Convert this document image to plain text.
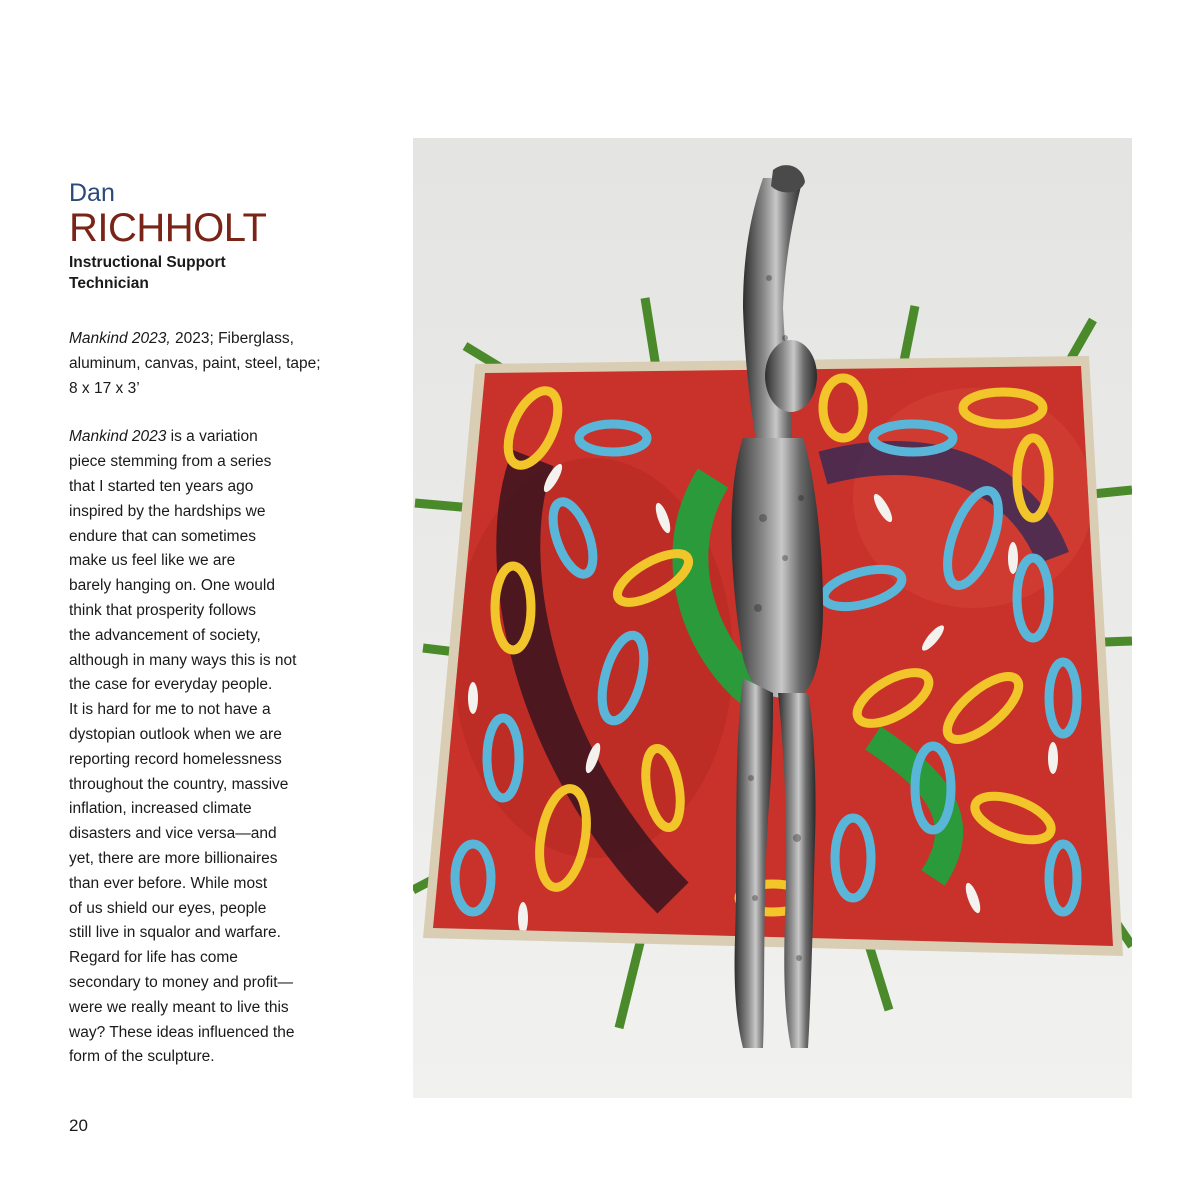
Dan
RICHHOLT

Instructional Support Technician

Mankind 2023, 2023; Fiberglass, aluminum, canvas, paint, steel, tape; 8 x 17 x 3’

Mankind 2023 is a variation
piece stemming from a series
that I started ten years ago
inspired by the hardships we
endure that can sometimes
make us feel like we are
barely hanging on. One would
think that prosperity follows
the advancement of society,
although in many ways this is not
the case for everyday people.
It is hard for me to not have a
dystopian outlook when we are
reporting record homelessness
throughout the country, massive
inflation, increased climate
disasters and vice versa—and
yet, there are more billionaires
than ever before. While most
of us shield our eyes, people
still live in squalor and warfare.
Regard for life has come
secondary to money and profit—
were we really meant to live this
way? These ideas influenced the
form of the sculpture.

20
